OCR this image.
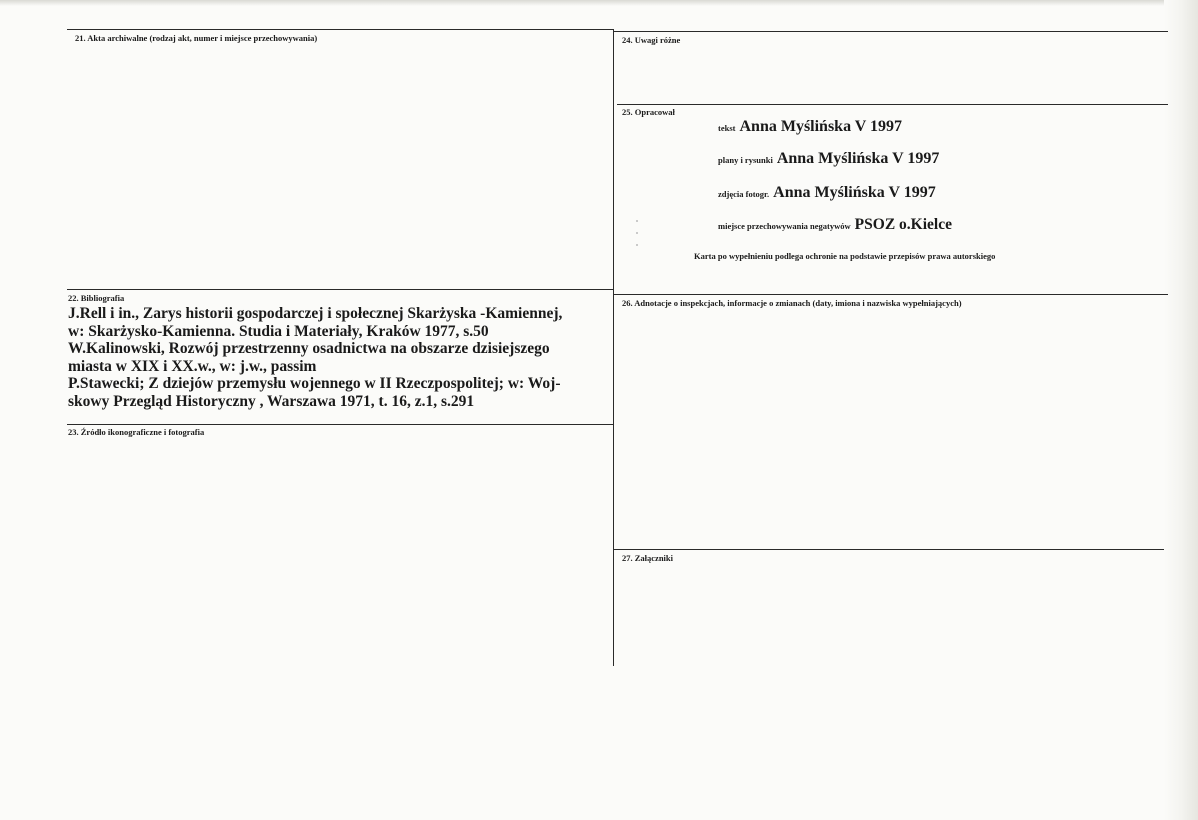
21. Akta archiwalne (rodzaj akt, numer i miejsce przechowywania)	24. Uwagi różne
25. Opracował
22. Bibliografia	26. Adnotacje o inspekcjach, informacje o zmianach (daty, imiona i nazwiska wypełniających)
23. Źródło ikonograficzne i fotografia
27. Załączniki
tekst Anna Myślińska V 1997
plany i rysunki Anna Myślińska V 1997
zdjęcia fotogr. Anna Myślińska V 1997
miejsce przechowywania negatywów PSOZ o.Kielce
Karta po wypełnieniu podlega ochronie na podstawie przepisów prawa autorskiego
J.Rell i in., Zarys historii gospodarczej i społecznej Skarżyska -Kamiennej,
w: Skarżysko-Kamienna. Studia i Materiały, Kraków 1977, s.50
W.Kalinowski, Rozwój przestrzenny osadnictwa na obszarze dzisiejszego
miasta w XIX i XX.w., w: j.w., passim
P.Stawecki; Z dziejów przemysłu wojennego w II Rzeczpospolitej; w: Woj-
skowy Przegląd Historyczny , Warszawa 1971, t. 16, z.1, s.291
